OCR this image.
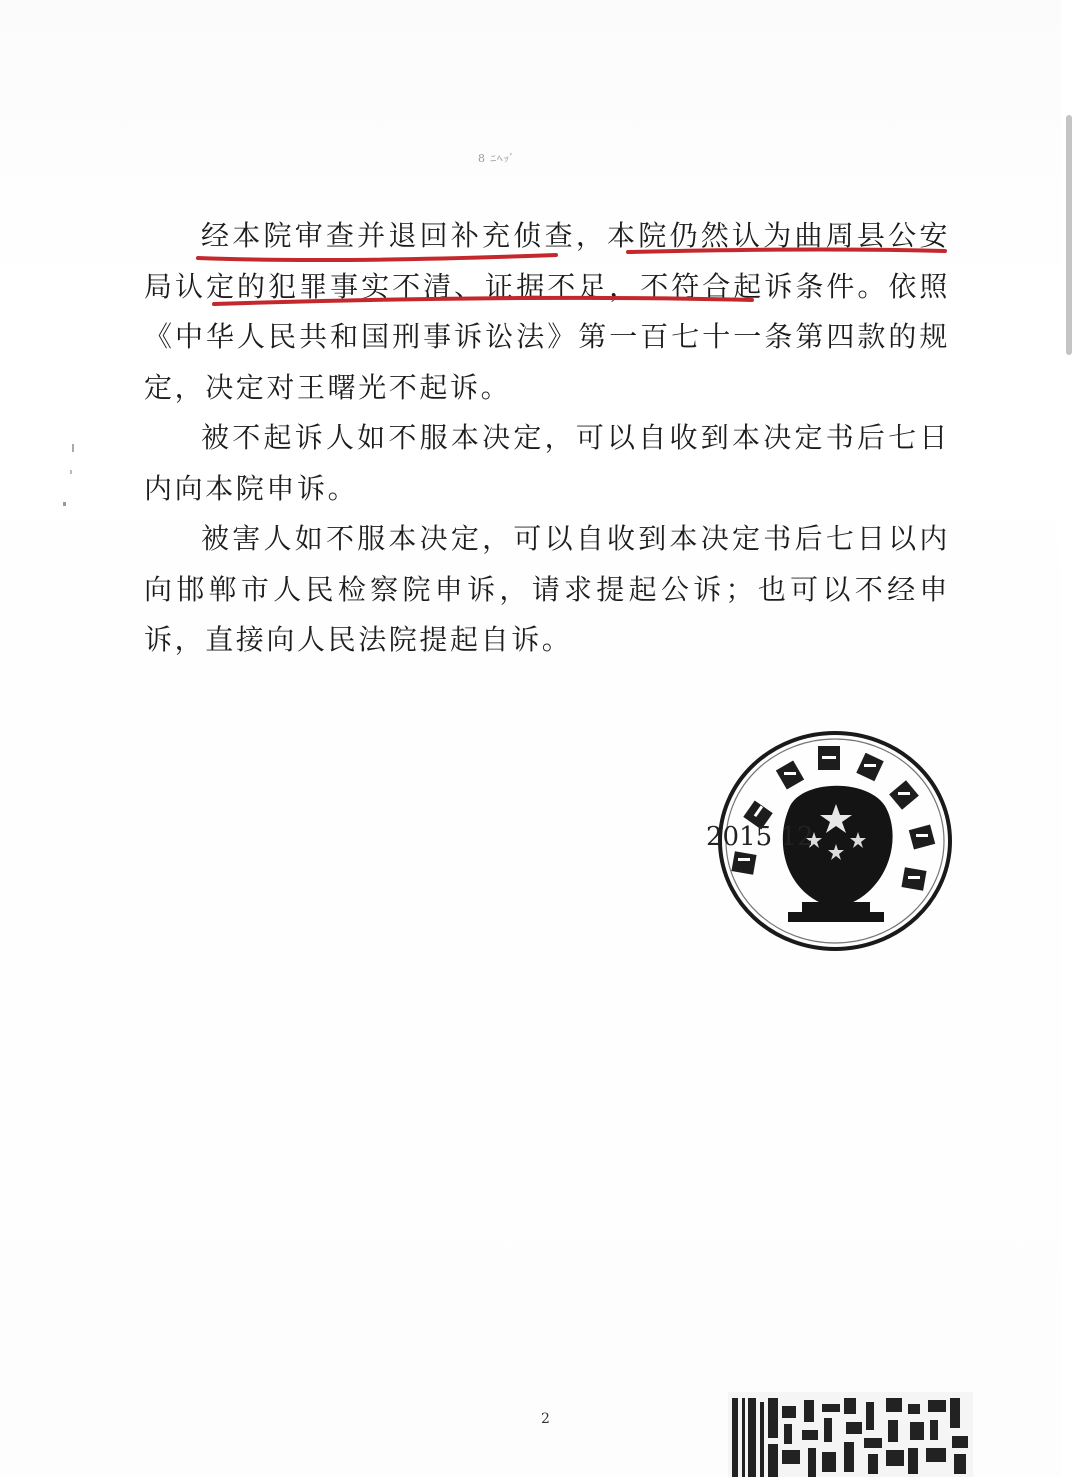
8 ﾆﾍｯﾞ

经本院审查并退回补充侦查，本院仍然认为曲周县公安局认定的犯罪事实不清、证据不足，不符合起诉条件。依照《中华人民共和国刑事诉讼法》第一百七十一条第四款的规定，决定对王曙光不起诉。

被不起诉人如不服本决定，可以自收到本决定书后七日内向本院申诉。

被害人如不服本决定，可以自收到本决定书后七日以内向邯郸市人民检察院申诉，请求提起公诉；也可以不经申诉，直接向人民法院提起自诉。

2015 12
2
